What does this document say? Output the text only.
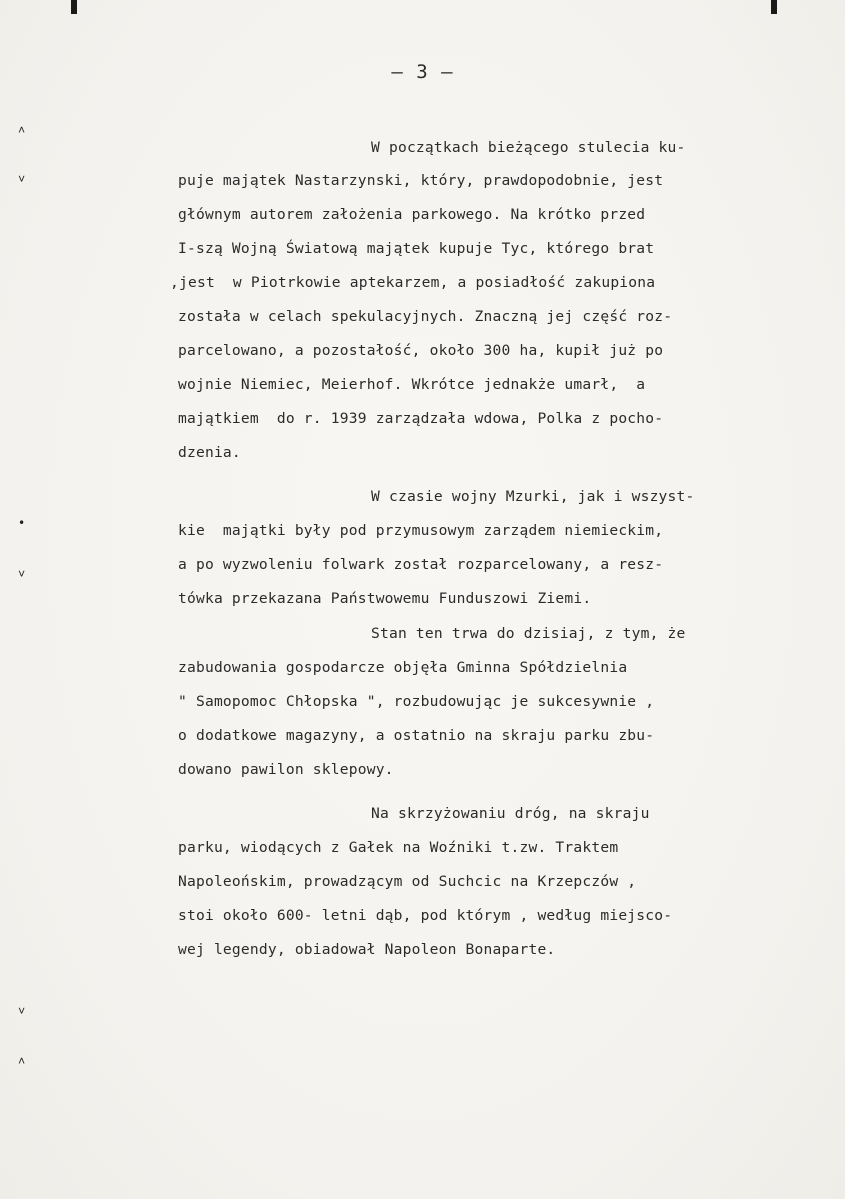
— 3 —
˄
˅
•
˅
˅
˄
W początkach bieżącego stulecia ku-
puje majątek Nastarzynski, który, prawdopodobnie, jest
głównym autorem założenia parkowego. Na krótko przed
I-szą Wojną Światową majątek kupuje Tyc, którego brat
,jest  w Piotrkowie aptekarzem, a posiadłość zakupiona
została w celach spekulacyjnych. Znaczną jej część roz-
parcelowano, a pozostałość, około 300 ha, kupił już po
wojnie Niemiec, Meierhof. Wkrótce jednakże umarł,  a
majątkiem  do r. 1939 zarządzała wdowa, Polka z pocho-
dzenia.
W czasie wojny Mzurki, jak i wszyst-
kie  majątki były pod przymusowym zarządem niemieckim,
a po wyzwoleniu folwark został rozparcelowany, a resz-
tówka przekazana Państwowemu Funduszowi Ziemi.
Stan ten trwa do dzisiaj, z tym, że
zabudowania gospodarcze objęła Gminna Spółdzielnia
" Samopomoc Chłopska ", rozbudowując je sukcesywnie ,
o dodatkowe magazyny, a ostatnio na skraju parku zbu-
dowano pawilon sklepowy.
Na skrzyżowaniu dróg, na skraju
parku, wiodących z Gałek na Woźniki t.zw. Traktem
Napoleońskim, prowadzącym od Suchcic na Krzepczów ,
stoi około 600- letni dąb, pod którym , według miejsco-
wej legendy, obiadował Napoleon Bonaparte.
